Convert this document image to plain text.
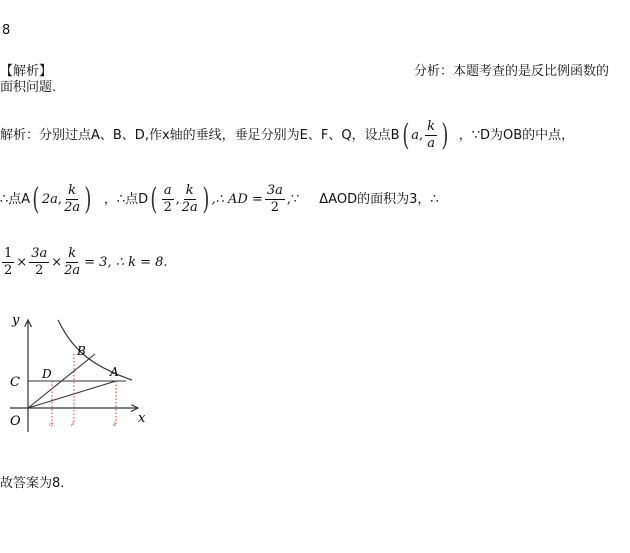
8
【解析】	分析：本题考查的是反比例函数的
面积问题.
解析：分别过点A、B、D,作x轴的垂线，垂足分别为E、F、Q，设点B ( a , $\frac{k}{a}$ ) ，∵D为OB的中点，
∴点A ( 2a , $\frac{k}{2a}$ ) ，∴点D ( $\frac{a}{2}$ , $\frac{k}{2a}$ ) ,∴ AD = $\frac{3a}{2}$ ,∵ ΔAOD的面积为3，∴
$\frac{1}{2} \times \frac{3a}{2} \times \frac{k}{2a} = 3$, ∴ k = 8.
y
x
O
C
D
B
A
Q	F	E
故答案为8.
